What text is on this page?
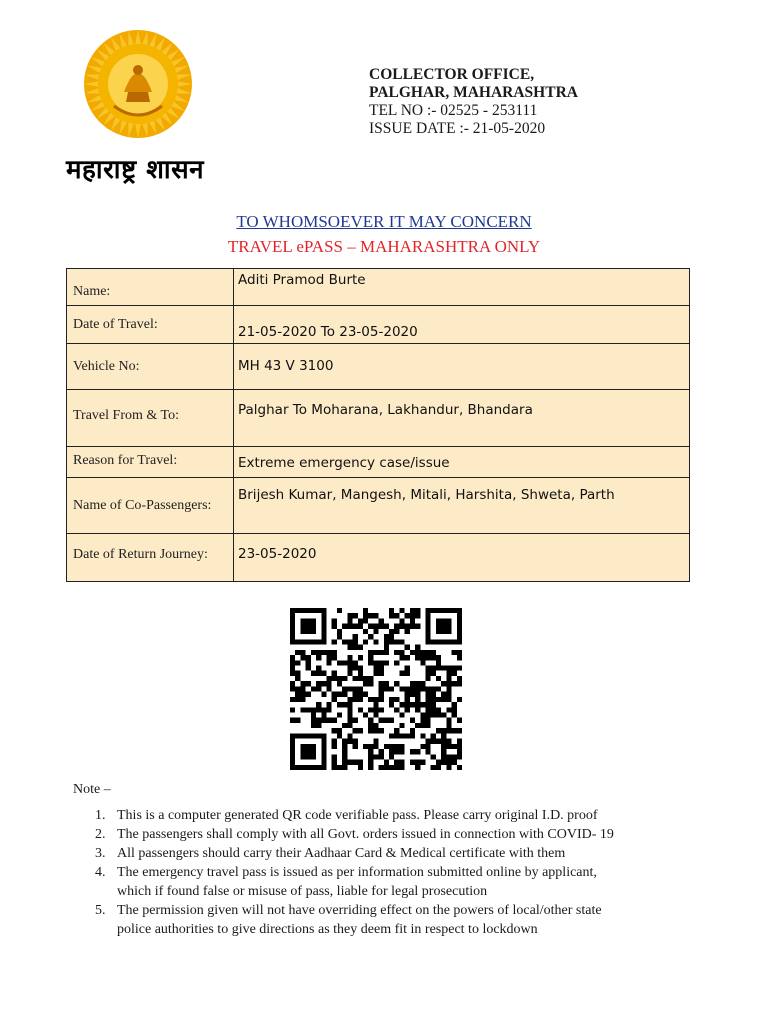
महाराष्ट्र शासन
COLLECTOR OFFICE,
PALGHAR, MAHARASHTRA
TEL NO :- 02525 - 253111
ISSUE DATE :- 21-05-2020
TO WHOMSOEVER IT MAY CONCERN
TRAVEL ePASS – MAHARASHTRA ONLY
Name:	Aditi Pramod Burte

Date of Travel:	21-05-2020 To 23-05-2020

Vehicle No:	MH 43 V 3100

Travel From & To:	Palghar To Moharana, Lakhandur, Bhandara

Reason for Travel:	Extreme emergency case/issue

Name of Co-Passengers:	Brijesh Kumar, Mangesh, Mitali, Harshita, Shweta, Parth

Date of Return Journey:	23-05-2020
Note –
1. This is a computer generated QR code verifiable pass. Please carry original I.D. proof
2. The passengers shall comply with all Govt. orders issued in connection with COVID- 19
3. All passengers should carry their Aadhaar Card & Medical certificate with them
4. The emergency travel pass is issued as per information submitted online by applicant,
which if found false or misuse of pass, liable for legal prosecution
5. The permission given will not have overriding effect on the powers of local/other state
police authorities to give directions as they deem fit in respect to lockdown
